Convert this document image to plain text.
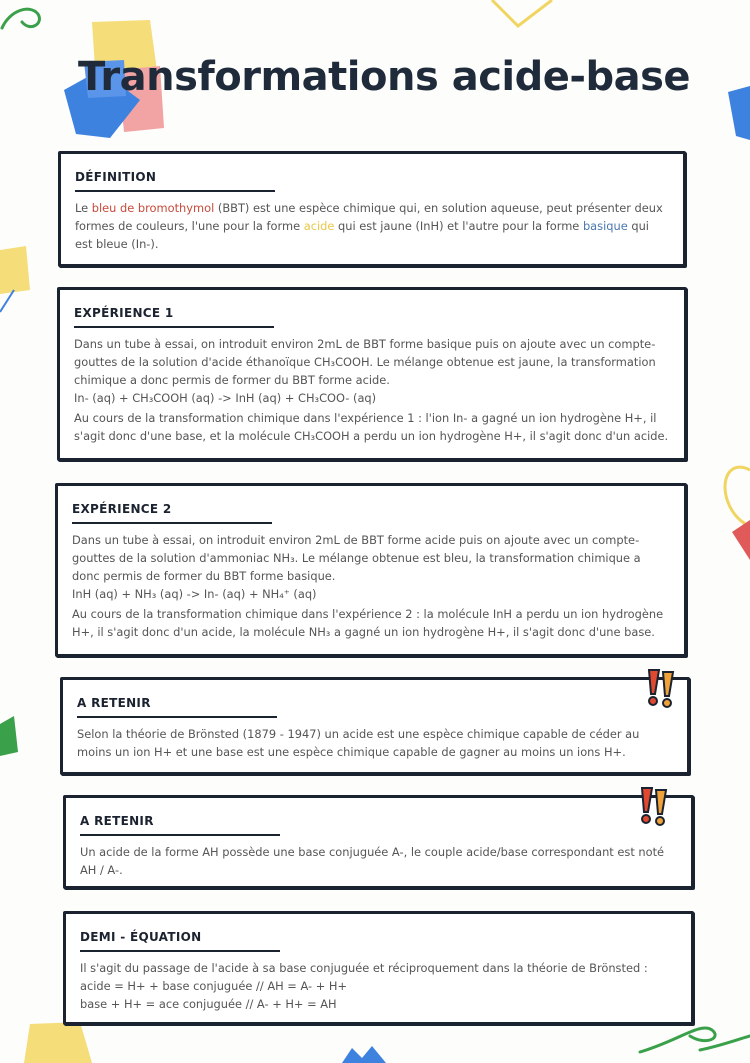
Transformations acide-base
DÉFINITION

Le bleu de bromothymol (BBT) est une espèce chimique qui, en solution aqueuse, peut présenter deux formes de couleurs, l'une pour la forme acide qui est jaune (InH) et l'autre pour la forme basique qui est bleue (In-).

EXPÉRIENCE 1

Dans un tube à essai, on introduit environ 2mL de BBT forme basique puis on ajoute avec un compte-gouttes de la solution d'acide éthanoïque CH₃COOH. Le mélange obtenue est jaune, la transformation chimique a donc permis de former du BBT forme acide.

In- (aq) + CH₃COOH (aq) -> InH (aq) + CH₃COO- (aq)

Au cours de la transformation chimique dans l'expérience 1 : l'ion In- a gagné un ion hydrogène H+, il s'agit donc d'une base, et la molécule CH₃COOH a perdu un ion hydrogène H+, il s'agit donc d'un acide.

EXPÉRIENCE 2

Dans un tube à essai, on introduit environ 2mL de BBT forme acide puis on ajoute avec un compte-gouttes de la solution d'ammoniac NH₃. Le mélange obtenue est bleu, la transformation chimique a donc permis de former du BBT forme basique.

InH (aq) + NH₃ (aq) -> In- (aq) + NH₄⁺ (aq)

Au cours de la transformation chimique dans l'expérience 2 : la molécule InH a perdu un ion hydrogène H+, il s'agit donc d'un acide, la molécule NH₃ a gagné un ion hydrogène H+, il s'agit donc d'une base.

A RETENIR

Selon la théorie de Brönsted (1879 - 1947) un acide est une espèce chimique capable de céder au moins un ion H+ et une base est une espèce chimique capable de gagner au moins un ions H+.

A RETENIR

Un acide de la forme AH possède une base conjuguée A-, le couple acide/base correspondant est noté AH / A-.

DEMI - ÉQUATION

Il s'agit du passage de l'acide à sa base conjuguée et réciproquement dans la théorie de Brönsted :

acide = H+ + base conjuguée // AH = A- + H+

base + H+ = ace conjuguée // A- + H+ = AH
